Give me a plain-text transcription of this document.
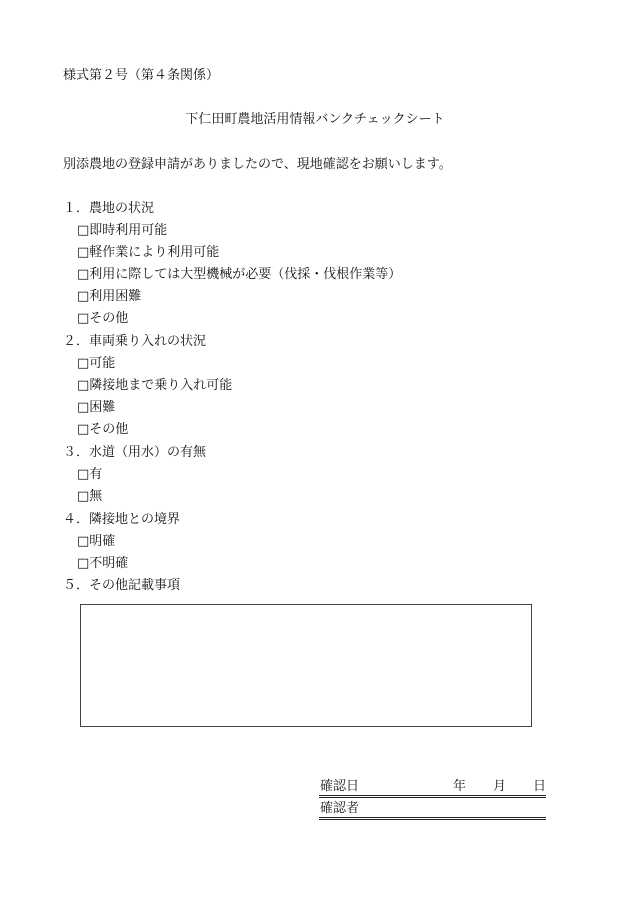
様式第２号（第４条関係）
下仁田町農地活用情報バンクチェックシート
別添農地の登録申請がありましたので、現地確認をお願いします。
１．農地の状況
□即時利用可能
□軽作業により利用可能
□利用に際しては大型機械が必要（伐採・伐根作業等）
□利用困難
□その他
２．車両乗り入れの状況
□可能
□隣接地まで乗り入れ可能
□困難
□その他
３．水道（用水）の有無
□有
□無
４．隣接地との境界
□明確
□不明確
５．その他記載事項
確認日	年 月 日
確認者
